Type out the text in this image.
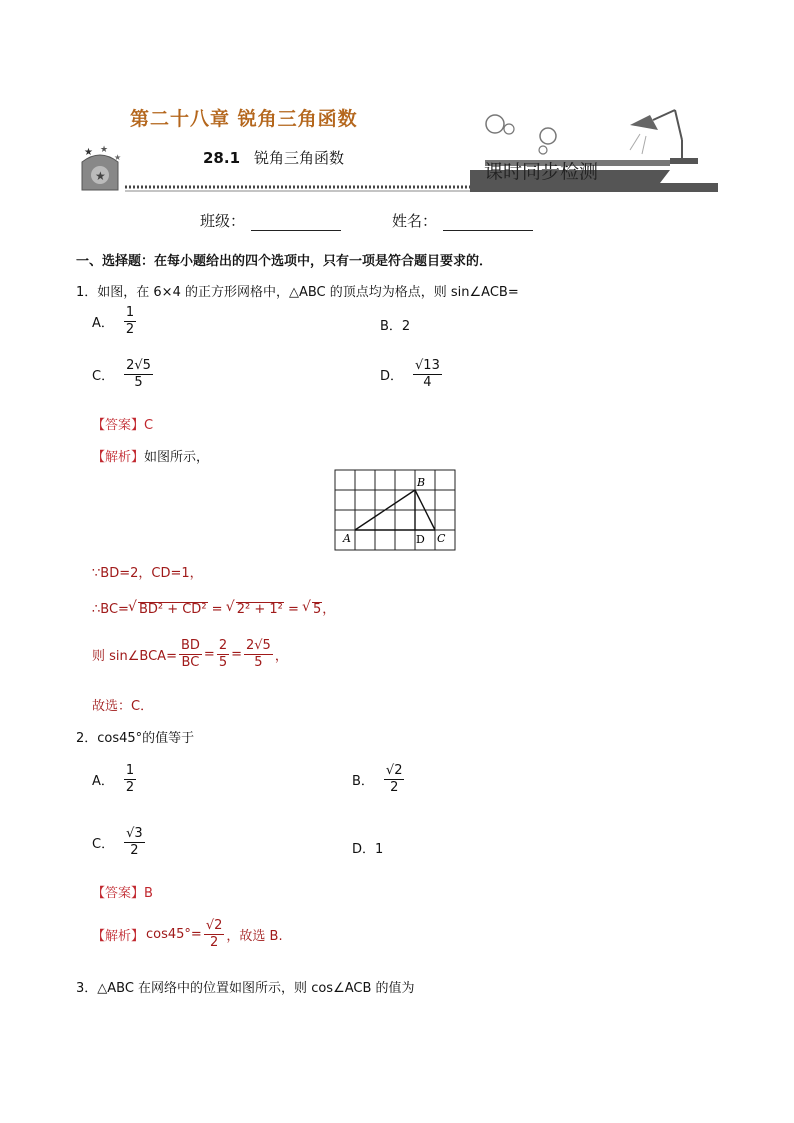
★
★ ★
★
第二十八章 锐角三角函数
28.1 锐角三角函数
课时同步检测
班级：	姓名：
一、选择题：在每小题给出的四个选项中，只有一项是符合题目要求的．
1．如图，在 6×4 的正方形网格中，△ABC 的顶点均为格点，则 sin∠ACB=
A． $\frac{1}{2}$	B．2
C． $\frac{2√5}{5}$	D． $\frac{√13}{4}$
【答案】C
【解析】如图所示，
A
B
C
D
∵BD=2，CD=1，
∴BC=√ BD² + CD² = √ 2² + 1² = √ 5，
则 sin∠BCA= $\frac{BD}{BC} = \frac{2}{5} = \frac{2√5}{5}$ ，
故选：C．
2．cos45°的值等于
A． $\frac{1}{2}$	B． $\frac{√2}{2}$
C． $\frac{√3}{2}$	D．1
【答案】B
【解析】 $\cos 45^\circ= \frac{√2}{2}$ ，故选 B.
3．△ABC 在网络中的位置如图所示，则 cos∠ACB 的值为
